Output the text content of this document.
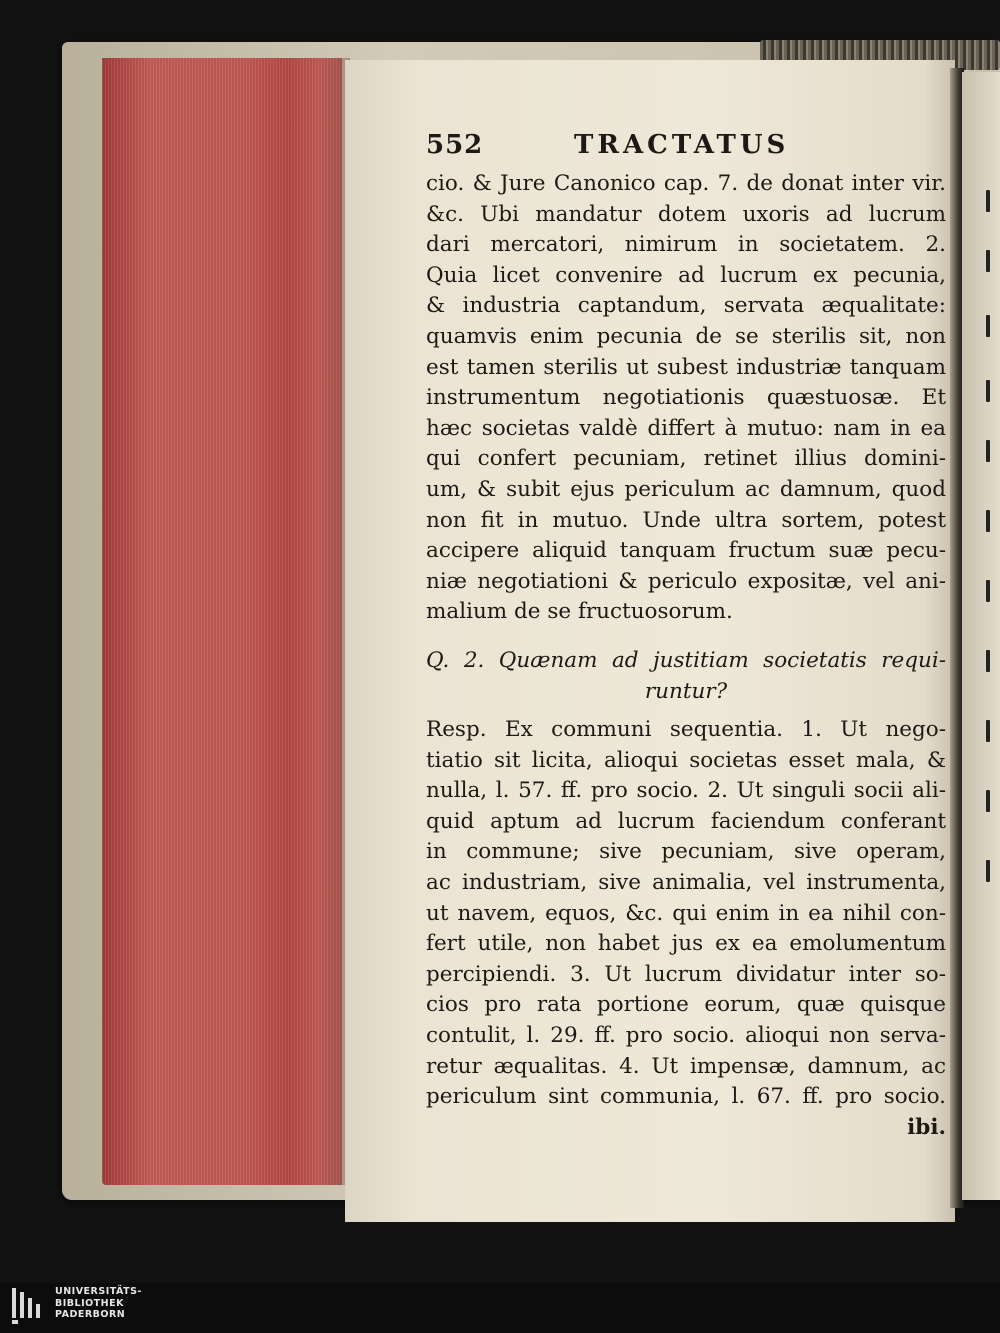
552	TRACTATUS
cio. & Jure Canonico cap. 7. de donat inter vir.
&c. Ubi mandatur dotem uxoris ad lucrum
dari mercatori, nimirum in societatem. 2.
Quia licet convenire ad lucrum ex pecunia,
& industria captandum, servata æqualitate:
quamvis enim pecunia de se sterilis sit, non
est tamen sterilis ut subest industriæ tanquam
instrumentum negotiationis quæstuosæ. Et
hæc societas valdè differt à mutuo: nam in ea
qui confert pecuniam, retinet illius domini-
um, & subit ejus periculum ac damnum, quod
non fit in mutuo. Unde ultra sortem, potest
accipere aliquid tanquam fructum suæ pecu-
niæ negotiationi & periculo expositæ, vel ani-
malium de se fructuosorum.
Q. 2. Quænam ad justitiam societatis requi-
runtur?
Resp. Ex communi sequentia. 1. Ut nego-
tiatio sit licita, alioqui societas esset mala, &
nulla, l. 57. ff. pro socio. 2. Ut singuli socii ali-
quid aptum ad lucrum faciendum conferant
in commune; sive pecuniam, sive operam,
ac industriam, sive animalia, vel instrumenta,
ut navem, equos, &c. qui enim in ea nihil con-
fert utile, non habet jus ex ea emolumentum
percipiendi. 3. Ut lucrum dividatur inter so-
cios pro rata portione eorum, quæ quisque
contulit, l. 29. ff. pro socio. alioqui non serva-
retur æqualitas. 4. Ut impensæ, damnum, ac
periculum sint communia, l. 67. ff. pro socio.
ibi.
UNIVERSITÄTS-
BIBLIOTHEK
PADERBORN
